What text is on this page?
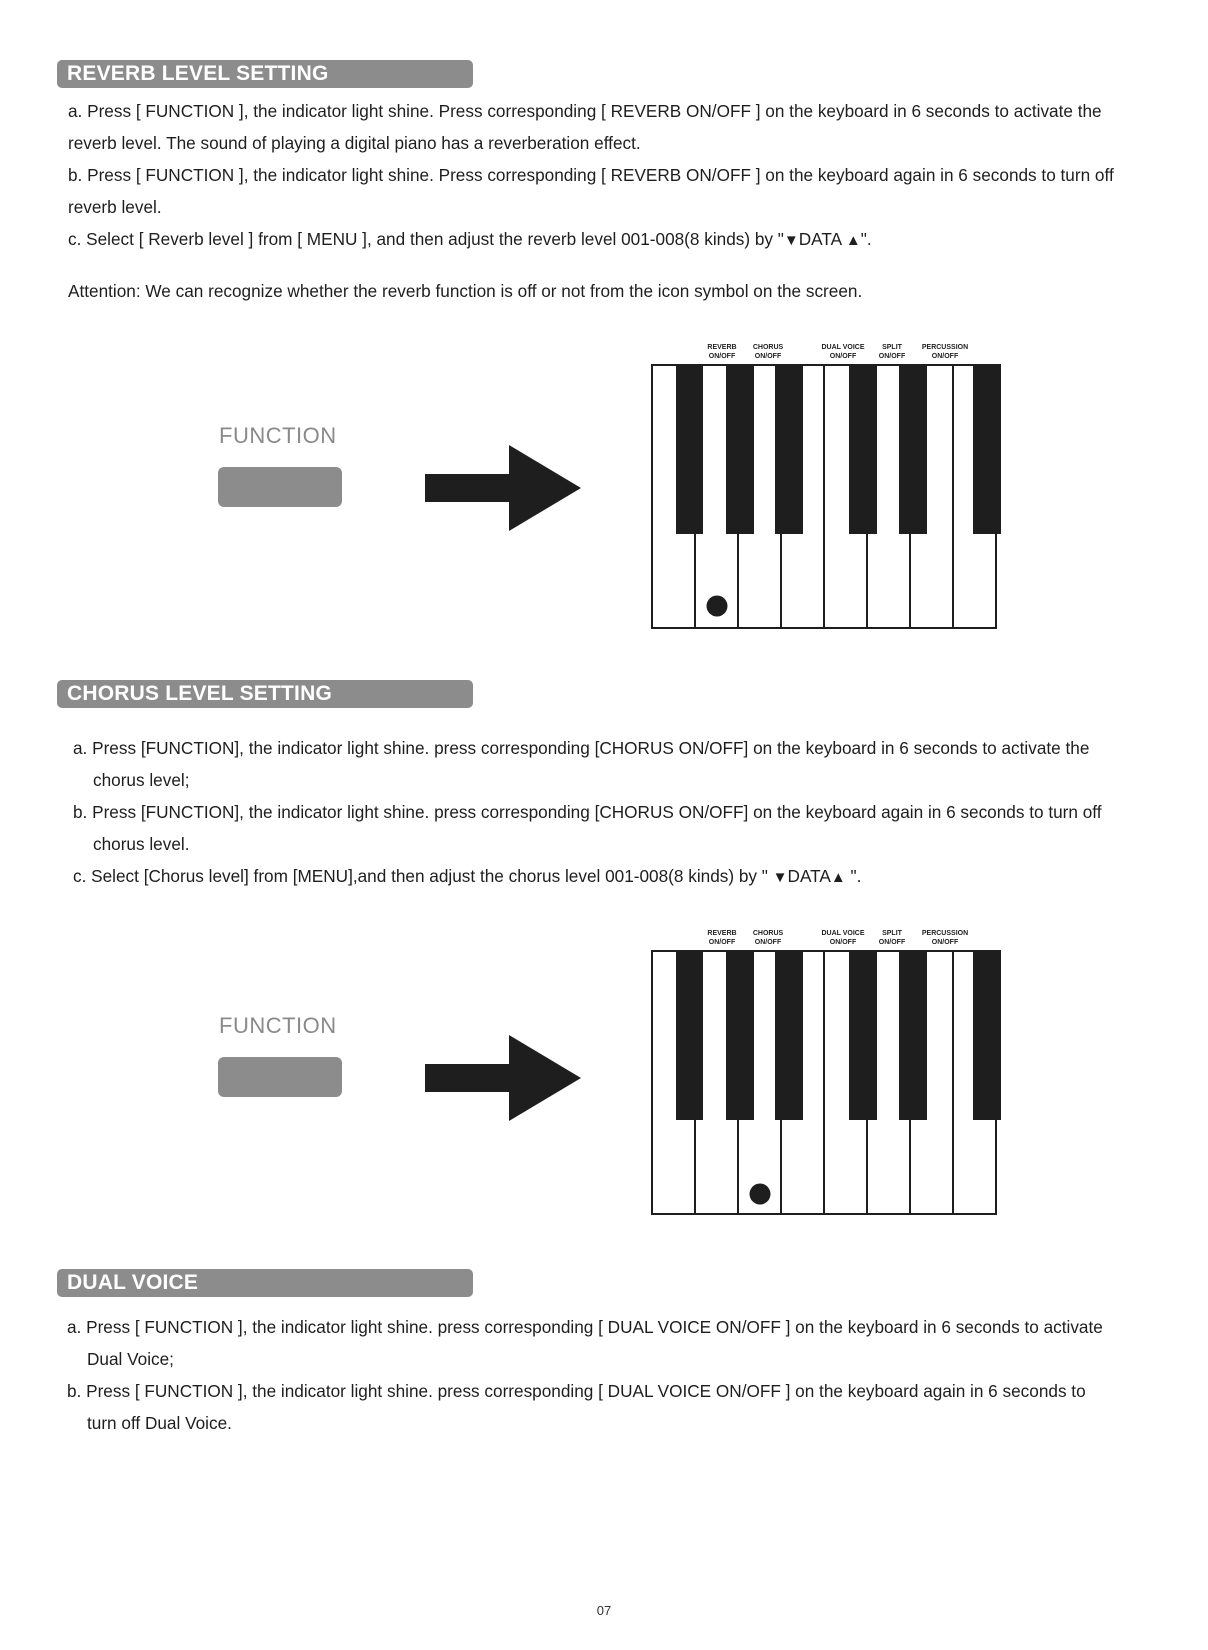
REVERB LEVEL SETTING
a. Press [ FUNCTION ], the indicator light shine. Press corresponding [ REVERB ON/OFF ] on the keyboard in 6 seconds to activate the
reverb level. The sound of playing a digital piano has a reverberation effect.
b. Press [ FUNCTION ], the indicator light shine. Press corresponding [ REVERB ON/OFF ] on the keyboard again in 6 seconds to turn off
reverb level.
c. Select [ Reverb level ] from [ MENU ], and then adjust the reverb level 001-008(8 kinds) by "▼DATA ▲".
Attention: We can recognize whether the reverb function is off or not from the icon symbol on the screen.
FUNCTION
REVERB
ON/OFF
CHORUS
ON/OFF
DUAL VOICE
ON/OFF
SPLIT
ON/OFF
PERCUSSION
ON/OFF
CHORUS LEVEL SETTING
a. Press [FUNCTION], the indicator light shine. press corresponding [CHORUS ON/OFF] on the keyboard in 6 seconds to activate the
chorus level;
b. Press [FUNCTION], the indicator light shine. press corresponding [CHORUS ON/OFF] on the keyboard again in 6 seconds to turn off
chorus level.
c. Select [Chorus level] from [MENU],and then adjust the chorus level 001-008(8 kinds) by " ▼DATA▲ ".
FUNCTION
REVERB
ON/OFF
CHORUS
ON/OFF
DUAL VOICE
ON/OFF
SPLIT
ON/OFF
PERCUSSION
ON/OFF
DUAL VOICE
a. Press [ FUNCTION ], the indicator light shine. press corresponding [ DUAL VOICE ON/OFF ] on the keyboard in 6 seconds to activate
Dual Voice;
b. Press [ FUNCTION ], the indicator light shine. press corresponding [ DUAL VOICE ON/OFF ] on the keyboard again in 6 seconds to
turn off Dual Voice.
07
